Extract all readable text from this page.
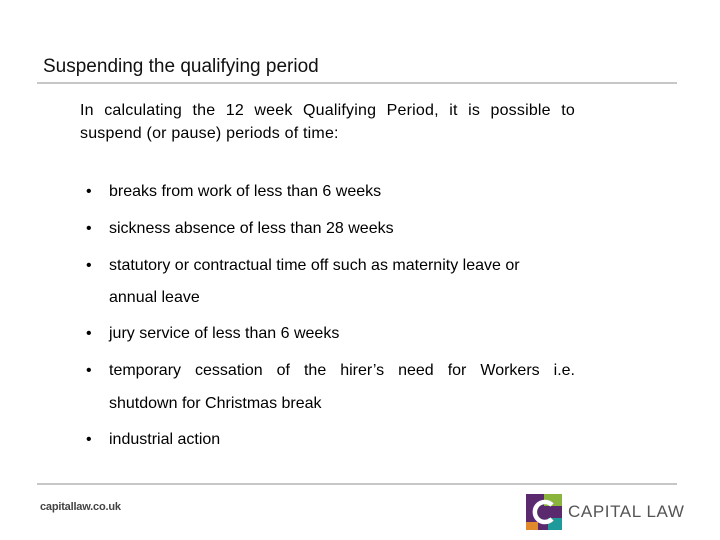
Suspending the qualifying period
In calculating the 12 week Qualifying Period, it is possible to suspend (or pause) periods of time:
• breaks from work of less than 6 weeks
• sickness absence of less than 28 weeks
• statutory or contractual time off such as maternity leave or
annual leave
• jury service of less than 6 weeks
• temporary cessation of the hirer’s need for Workers i.e.
shutdown for Christmas break
• industrial action
capitallaw.co.uk	CAPITAL LAW
